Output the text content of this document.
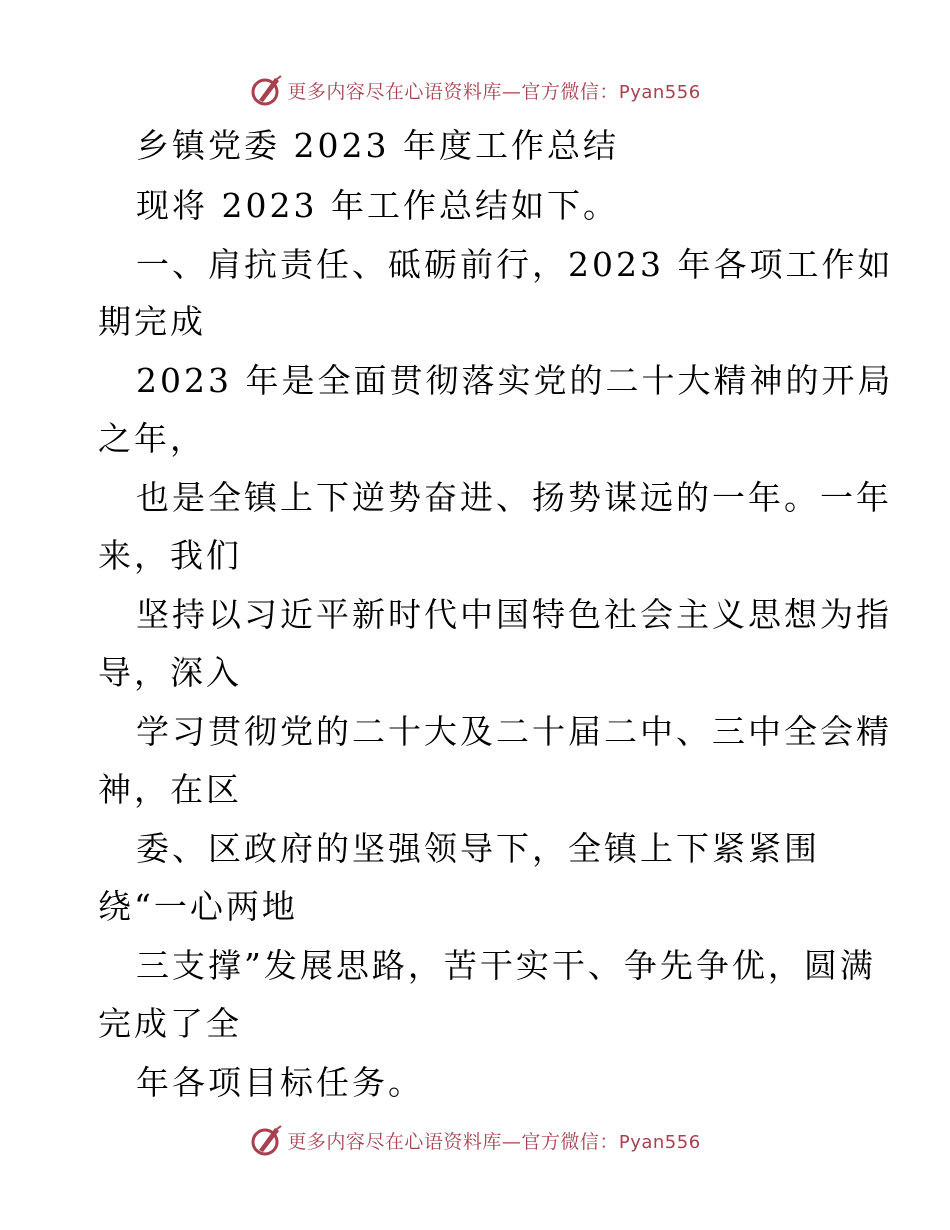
更多内容尽在心语资料库—官方微信：Pyan556
乡镇党委 2023 年度工作总结
现将 2023 年工作总结如下。
一、肩抗责任、砥砺前行，2023 年各项工作如
期完成
2023 年是全面贯彻落实党的二十大精神的开局
之年，
也是全镇上下逆势奋进、扬势谋远的一年。一年
来，我们
坚持以习近平新时代中国特色社会主义思想为指
导，深入
学习贯彻党的二十大及二十届二中、三中全会精
神，在区
委、区政府的坚强领导下，全镇上下紧紧围
绕“一心两地
三支撑”发展思路，苦干实干、争先争优，圆满
完成了全
年各项目标任务。
更多内容尽在心语资料库—官方微信：Pyan556
